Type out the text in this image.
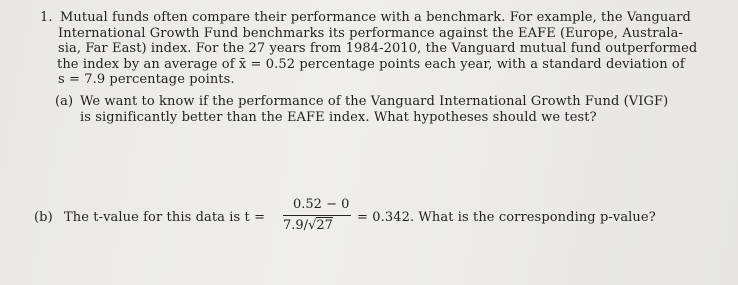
1. Mutual funds often compare their performance with a benchmark. For example, the Vanguard
International Growth Fund benchmarks its performance against the EAFE (Europe, Australa-
sia, Far East) index. For the 27 years from 1984-2010, the Vanguard mutual fund outperformed
the index by an average of x̄ = 0.52 percentage points each year, with a standard deviation of
s = 7.9 percentage points.
(a) We want to know if the performance of the Vanguard International Growth Fund (VIGF)
is significantly better than the EAFE index. What hypotheses should we test?
(b) The t-value for this data is t =
0.52 − 0
7.9/√27
= 0.342. What is the corresponding p-value?
